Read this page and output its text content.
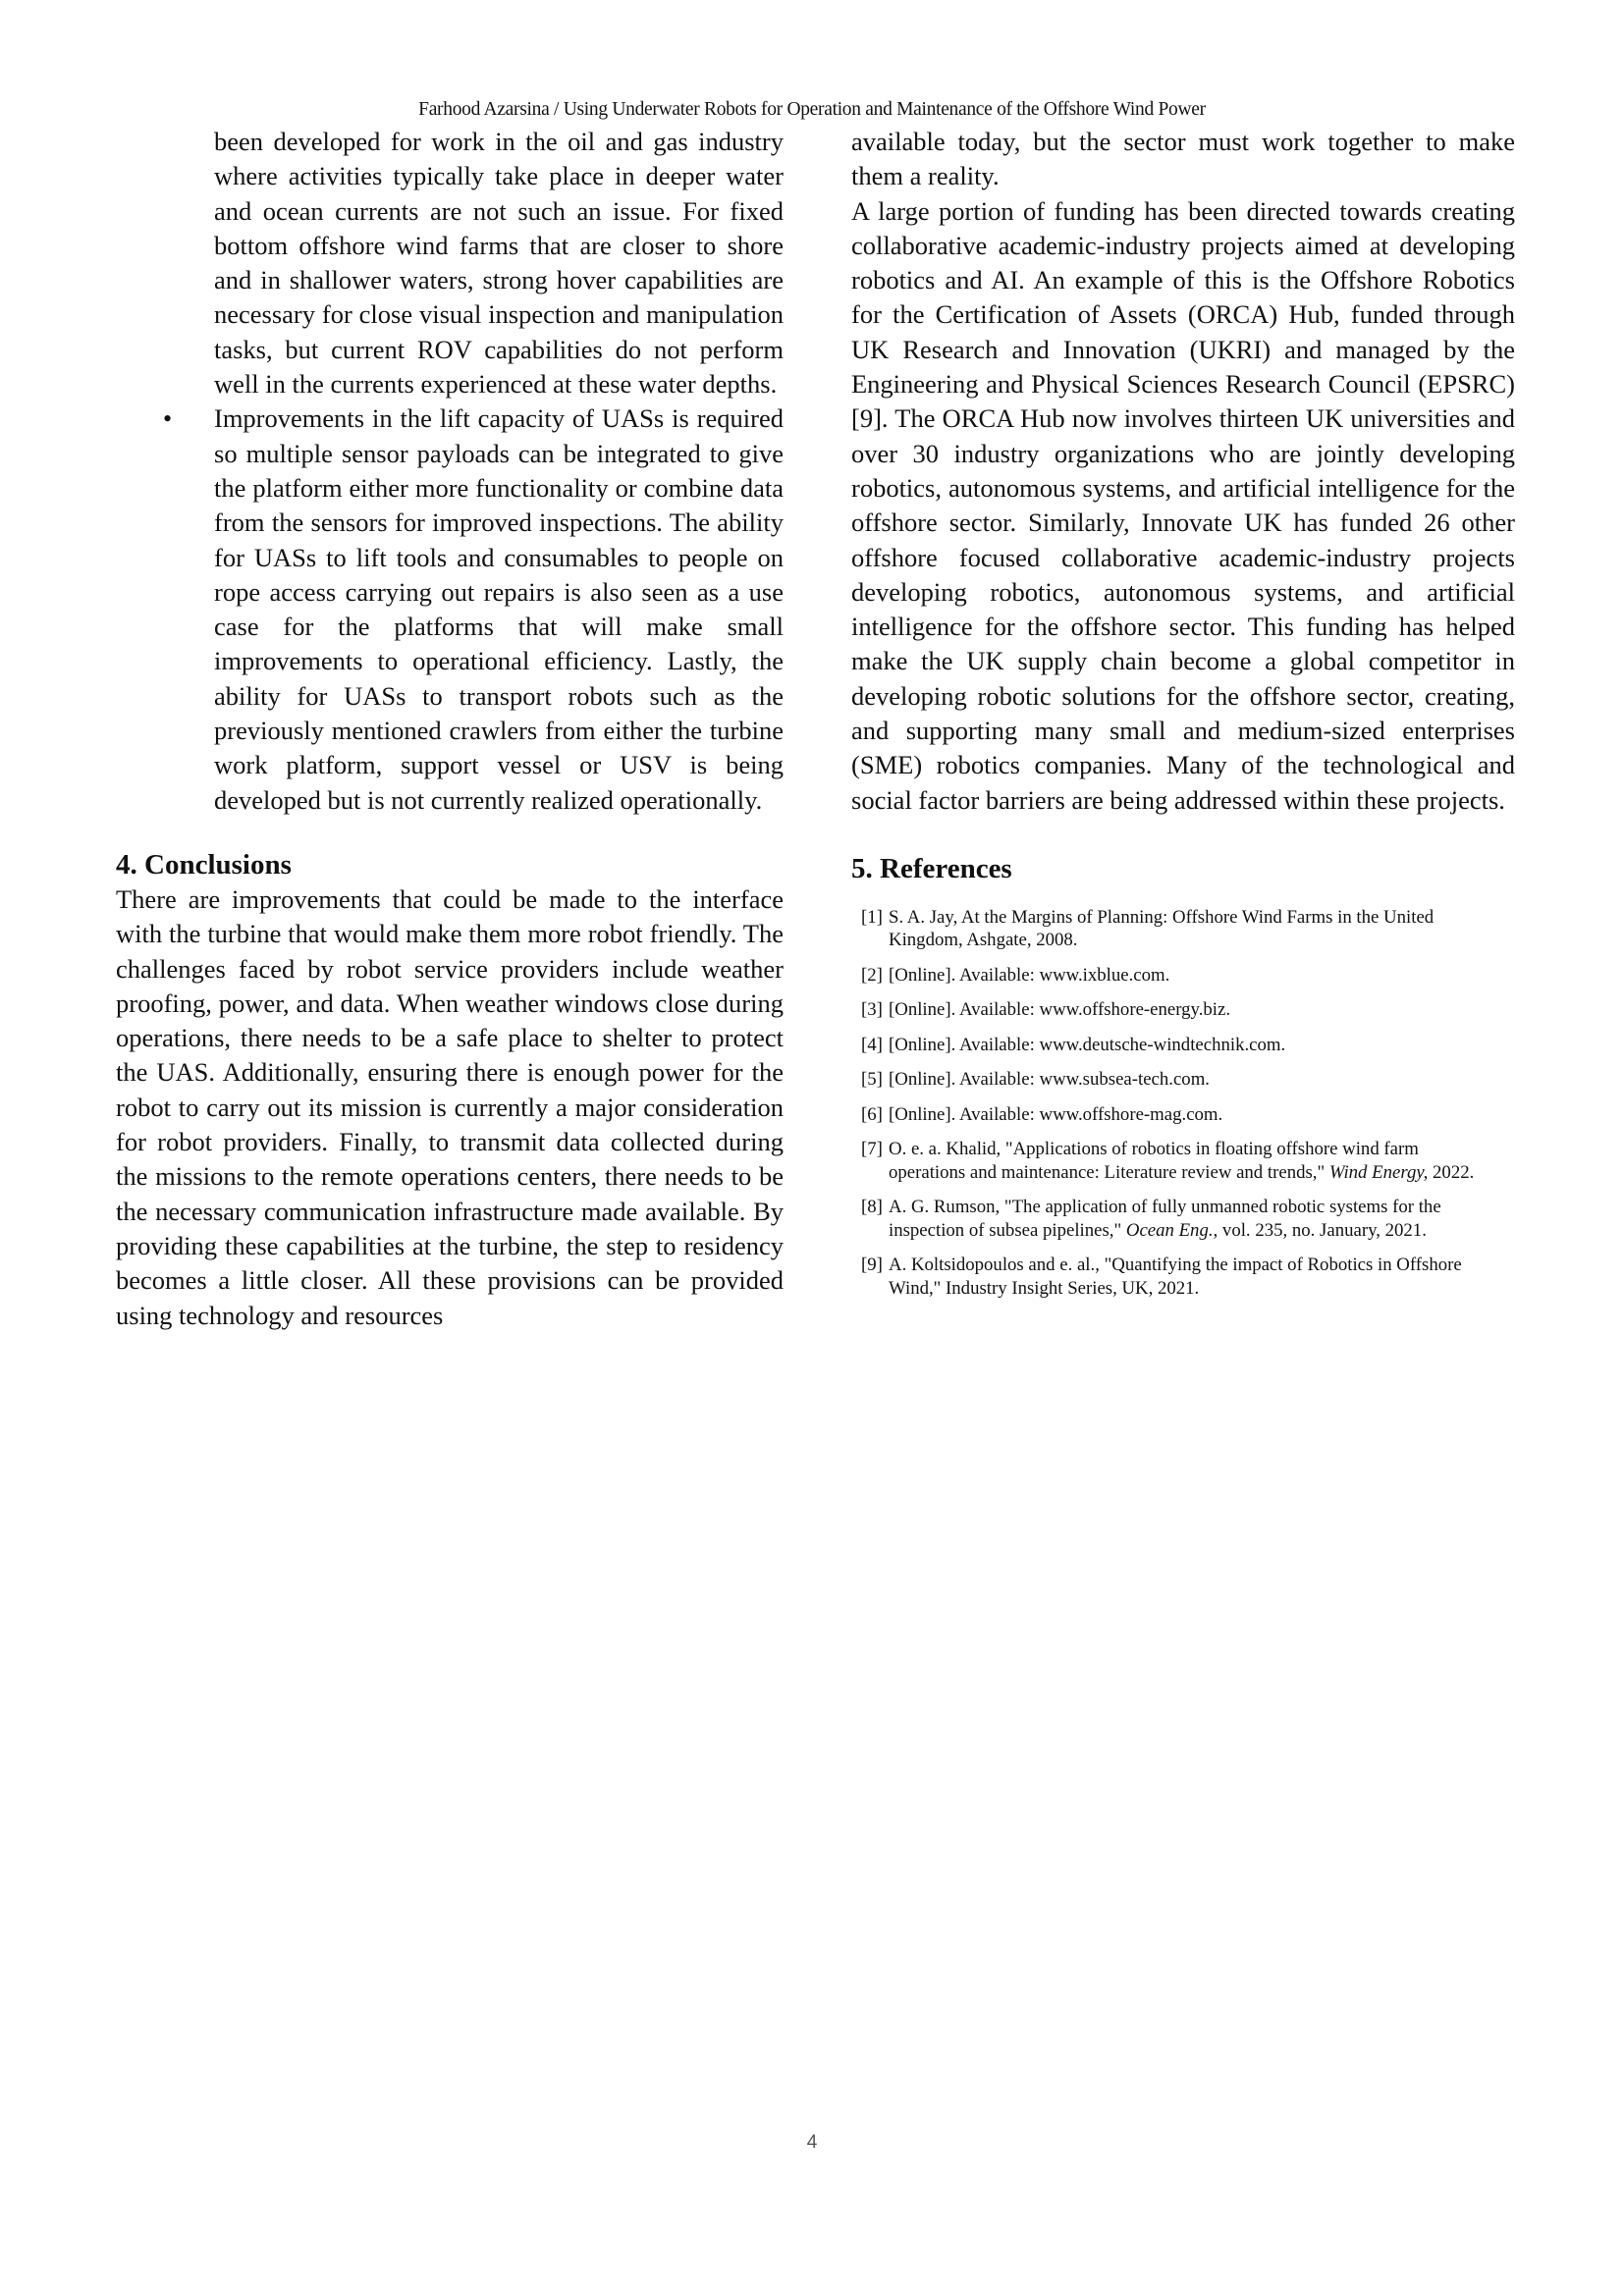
Farhood Azarsina / Using Underwater Robots for Operation and Maintenance of the Offshore Wind Power

been developed for work in the oil and gas industry where activities typically take place in deeper water and ocean currents are not such an issue. For fixed bottom offshore wind farms that are closer to shore and in shallower waters, strong hover capabilities are necessary for close visual inspection and manipulation tasks, but current ROV capabilities do not perform well in the currents experienced at these water depths.

• Improvements in the lift capacity of UASs is required so multiple sensor payloads can be integrated to give the platform either more functionality or combine data from the sensors for improved inspections. The ability for UASs to lift tools and consumables to people on rope access carrying out repairs is also seen as a use case for the platforms that will make small improvements to operational efficiency. Lastly, the ability for UASs to transport robots such as the previously mentioned crawlers from either the turbine work platform, support vessel or USV is being developed but is not currently realized operationally.
4. Conclusions

There are improvements that could be made to the interface with the turbine that would make them more robot friendly. The challenges faced by robot service providers include weather proofing, power, and data. When weather windows close during operations, there needs to be a safe place to shelter to protect the UAS. Additionally, ensuring there is enough power for the robot to carry out its mission is currently a major consideration for robot providers. Finally, to transmit data collected during the missions to the remote operations centers, there needs to be the necessary communication infrastructure made available. By providing these capabilities at the turbine, the step to residency becomes a little closer. All these provisions can be provided using technology and resources

available today, but the sector must work together to make them a reality.

A large portion of funding has been directed towards creating collaborative academic-industry projects aimed at developing robotics and AI. An example of this is the Offshore Robotics for the Certification of Assets (ORCA) Hub, funded through UK Research and Innovation (UKRI) and managed by the Engineering and Physical Sciences Research Council (EPSRC) [9]. The ORCA Hub now involves thirteen UK universities and over 30 industry organizations who are jointly developing robotics, autonomous systems, and artificial intelligence for the offshore sector. Similarly, Innovate UK has funded 26 other offshore focused collaborative academic-industry projects developing robotics, autonomous systems, and artificial intelligence for the offshore sector. This funding has helped make the UK supply chain become a global competitor in developing robotic solutions for the offshore sector, creating, and supporting many small and medium-sized enterprises (SME) robotics companies. Many of the technological and social factor barriers are being addressed within these projects.

5. References
[1] S. A. Jay, At the Margins of Planning: Offshore Wind Farms in the United Kingdom, Ashgate, 2008.
[2] [Online]. Available: www.ixblue.com.
[3] [Online]. Available: www.offshore-energy.biz.
[4] [Online]. Available: www.deutsche-windtechnik.com.
[5] [Online]. Available: www.subsea-tech.com.
[6] [Online]. Available: www.offshore-mag.com.
[7] O. e. a. Khalid, "Applications of robotics in floating offshore wind farm operations and maintenance: Literature review and trends," Wind Energy, 2022.
[8] A. G. Rumson, "The application of fully unmanned robotic systems for the inspection of subsea pipelines," Ocean Eng., vol. 235, no. January, 2021.
[9] A. Koltsidopoulos and e. al., "Quantifying the impact of Robotics in Offshore Wind," Industry Insight Series, UK, 2021.
4
